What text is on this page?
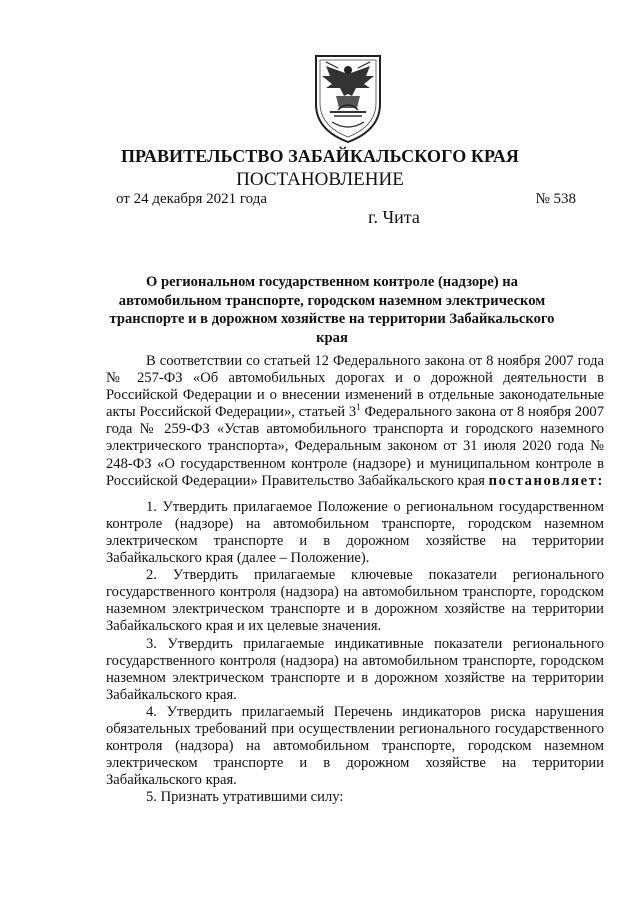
ПРАВИТЕЛЬСТВО ЗАБАЙКАЛЬСКОГО КРАЯ
ПОСТАНОВЛЕНИЕ
от 24 декабря 2021 года	№ 538
г. Чита
О региональном государственном контроле (надзоре) на автомобильном транспорте, городском наземном электрическом транспорте и в дорожном хозяйстве на территории Забайкальского края

В соответствии со статьей 12 Федерального закона от 8 ноября 2007 года № 257-ФЗ «Об автомобильных дорогах и о дорожной деятельности в Российской Федерации и о внесении изменений в отдельные законодательные акты Российской Федерации», статьей $3^1$ Федерального закона от 8 ноября 2007 года № 259-ФЗ «Устав автомобильного транспорта и городского наземного электрического транспорта», Федеральным законом от 31 июля 2020 года № 248-ФЗ «О государственном контроле (надзоре) и муниципальном контроле в Российской Федерации» Правительство Забайкальского края постановляет:

1. Утвердить прилагаемое Положение о региональном государственном контроле (надзоре) на автомобильном транспорте, городском наземном электрическом транспорте и в дорожном хозяйстве на территории Забайкальского края (далее – Положение).

2. Утвердить прилагаемые ключевые показатели регионального государственного контроля (надзора) на автомобильном транспорте, городском наземном электрическом транспорте и в дорожном хозяйстве на территории Забайкальского края и их целевые значения.

3. Утвердить прилагаемые индикативные показатели регионального государственного контроля (надзора) на автомобильном транспорте, городском наземном электрическом транспорте и в дорожном хозяйстве на территории Забайкальского края.

4. Утвердить прилагаемый Перечень индикаторов риска нарушения обязательных требований при осуществлении регионального государственного контроля (надзора) на автомобильном транспорте, городском наземном электрическом транспорте и в дорожном хозяйстве на территории Забайкальского края.

5. Признать утратившими силу:
